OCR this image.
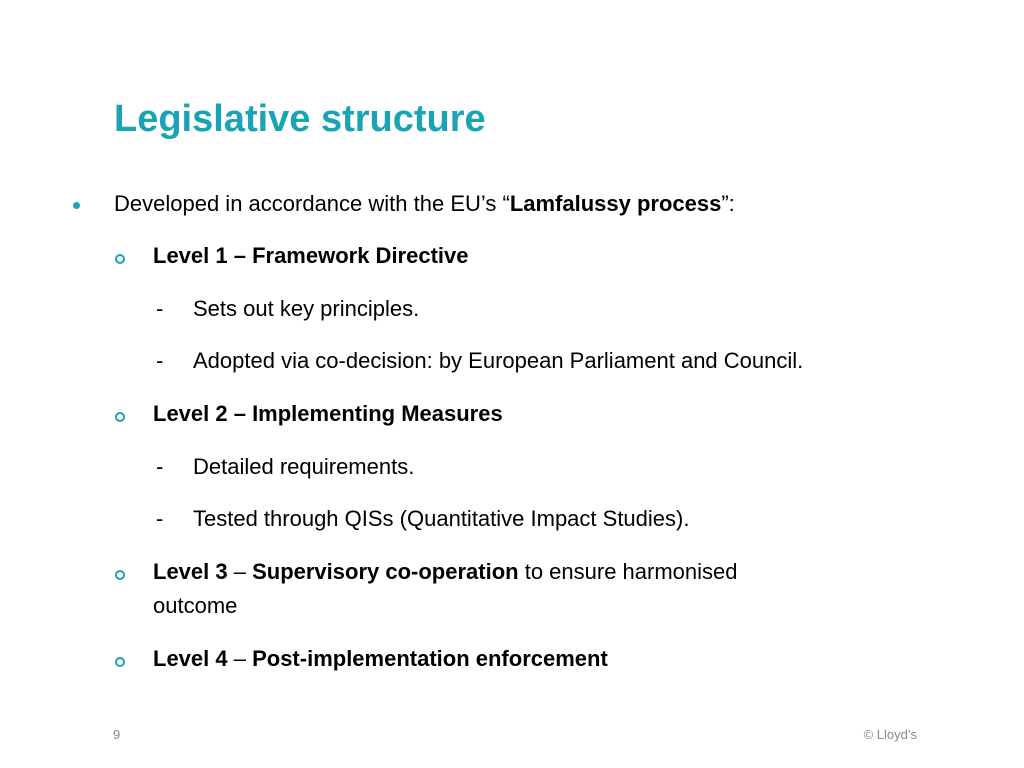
Legislative structure
Developed in accordance with the EU’s “Lamfalussy process”:
Level 1 – Framework Directive
- Sets out key principles.
- Adopted via co-decision: by European Parliament and Council.
Level 2 – Implementing Measures
- Detailed requirements.
- Tested through QISs (Quantitative Impact Studies).
Level 3 – Supervisory co-operation to ensure harmonised
outcome
Level 4 – Post-implementation enforcement
9	© Lloyd’s
